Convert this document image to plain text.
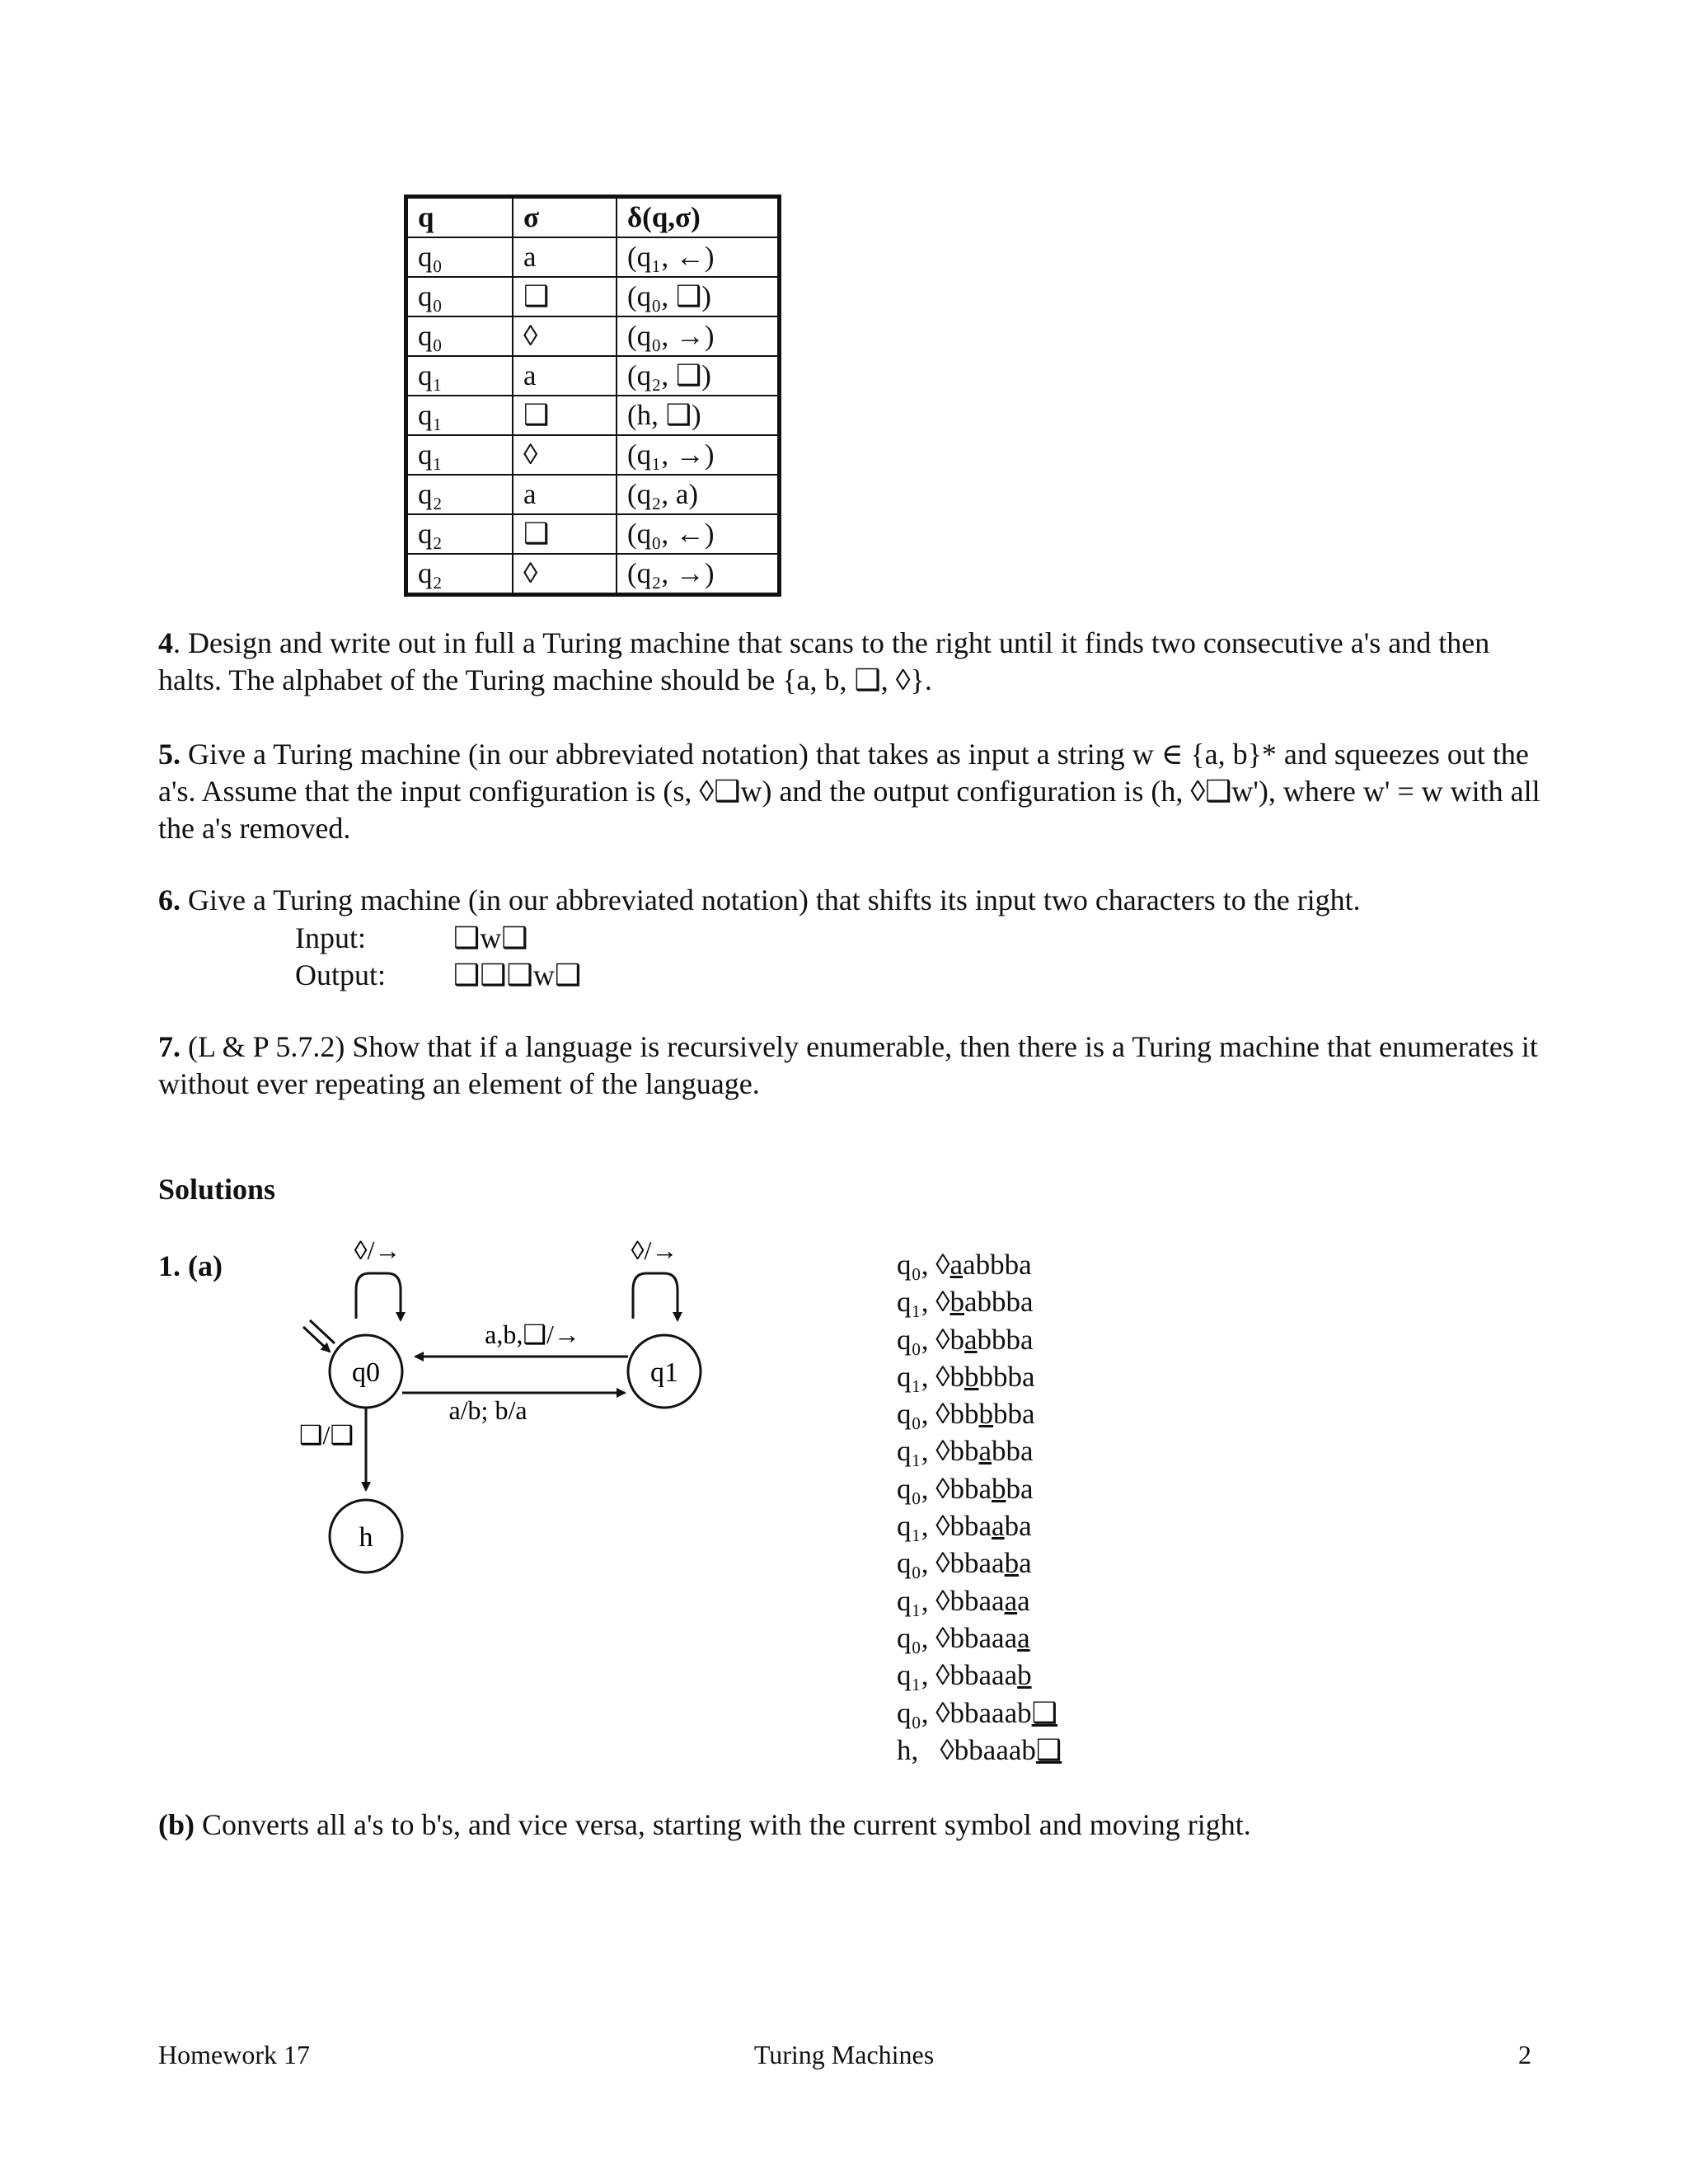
q	σ	δ(q,σ)
q₀	a	(q₁, ←)
q₀	❑	(q₀, ❑)
q₀	◊	(q₀, →)
q₁	a	(q₂, ❑)
q₁	❑	(h, ❑)
q₁	◊	(q₁, →)
q₂	a	(q₂, a)
q₂	❑	(q₀, ←)
q₂	◊	(q₂, →)
4. Design and write out in full a Turing machine that scans to the right until it finds two consecutive a's and then halts. The alphabet of the Turing machine should be {a, b, ❑, ◊}.
5. Give a Turing machine (in our abbreviated notation) that takes as input a string w ∈ {a, b}* and squeezes out the a's. Assume that the input configuration is (s, ◊❑w) and the output configuration is (h, ◊❑w'), where w' = w with all the a's removed.
6. Give a Turing machine (in our abbreviated notation) that shifts its input two characters to the right.
Input:	❑w❑
Output: ❑❑❑w❑
7. (L & P 5.7.2) Show that if a language is recursively enumerable, then there is a Turing machine that enumerates it without ever repeating an element of the language.
Solutions
1. (a)	◊/→	◊/→
a,b,❑/→
a/b; b/a
❑/❑
q0	q1
h
q₀, ◊aabbba
q₁, ◊babbba
q₀, ◊babbba
q₁, ◊bbbbba
q₀, ◊bbbbba
q₁, ◊bbabba
q₀, ◊bbabba
q₁, ◊bbaaba
q₀, ◊bbaaba
q₁, ◊bbaaaa
q₀, ◊bbaaaa
q₁, ◊bbaaab
q₀, ◊bbaaab❑
h,   ◊bbaaab❑
(b) Converts all a's to b's, and vice versa, starting with the current symbol and moving right.
Homework 17	Turing Machines	2
